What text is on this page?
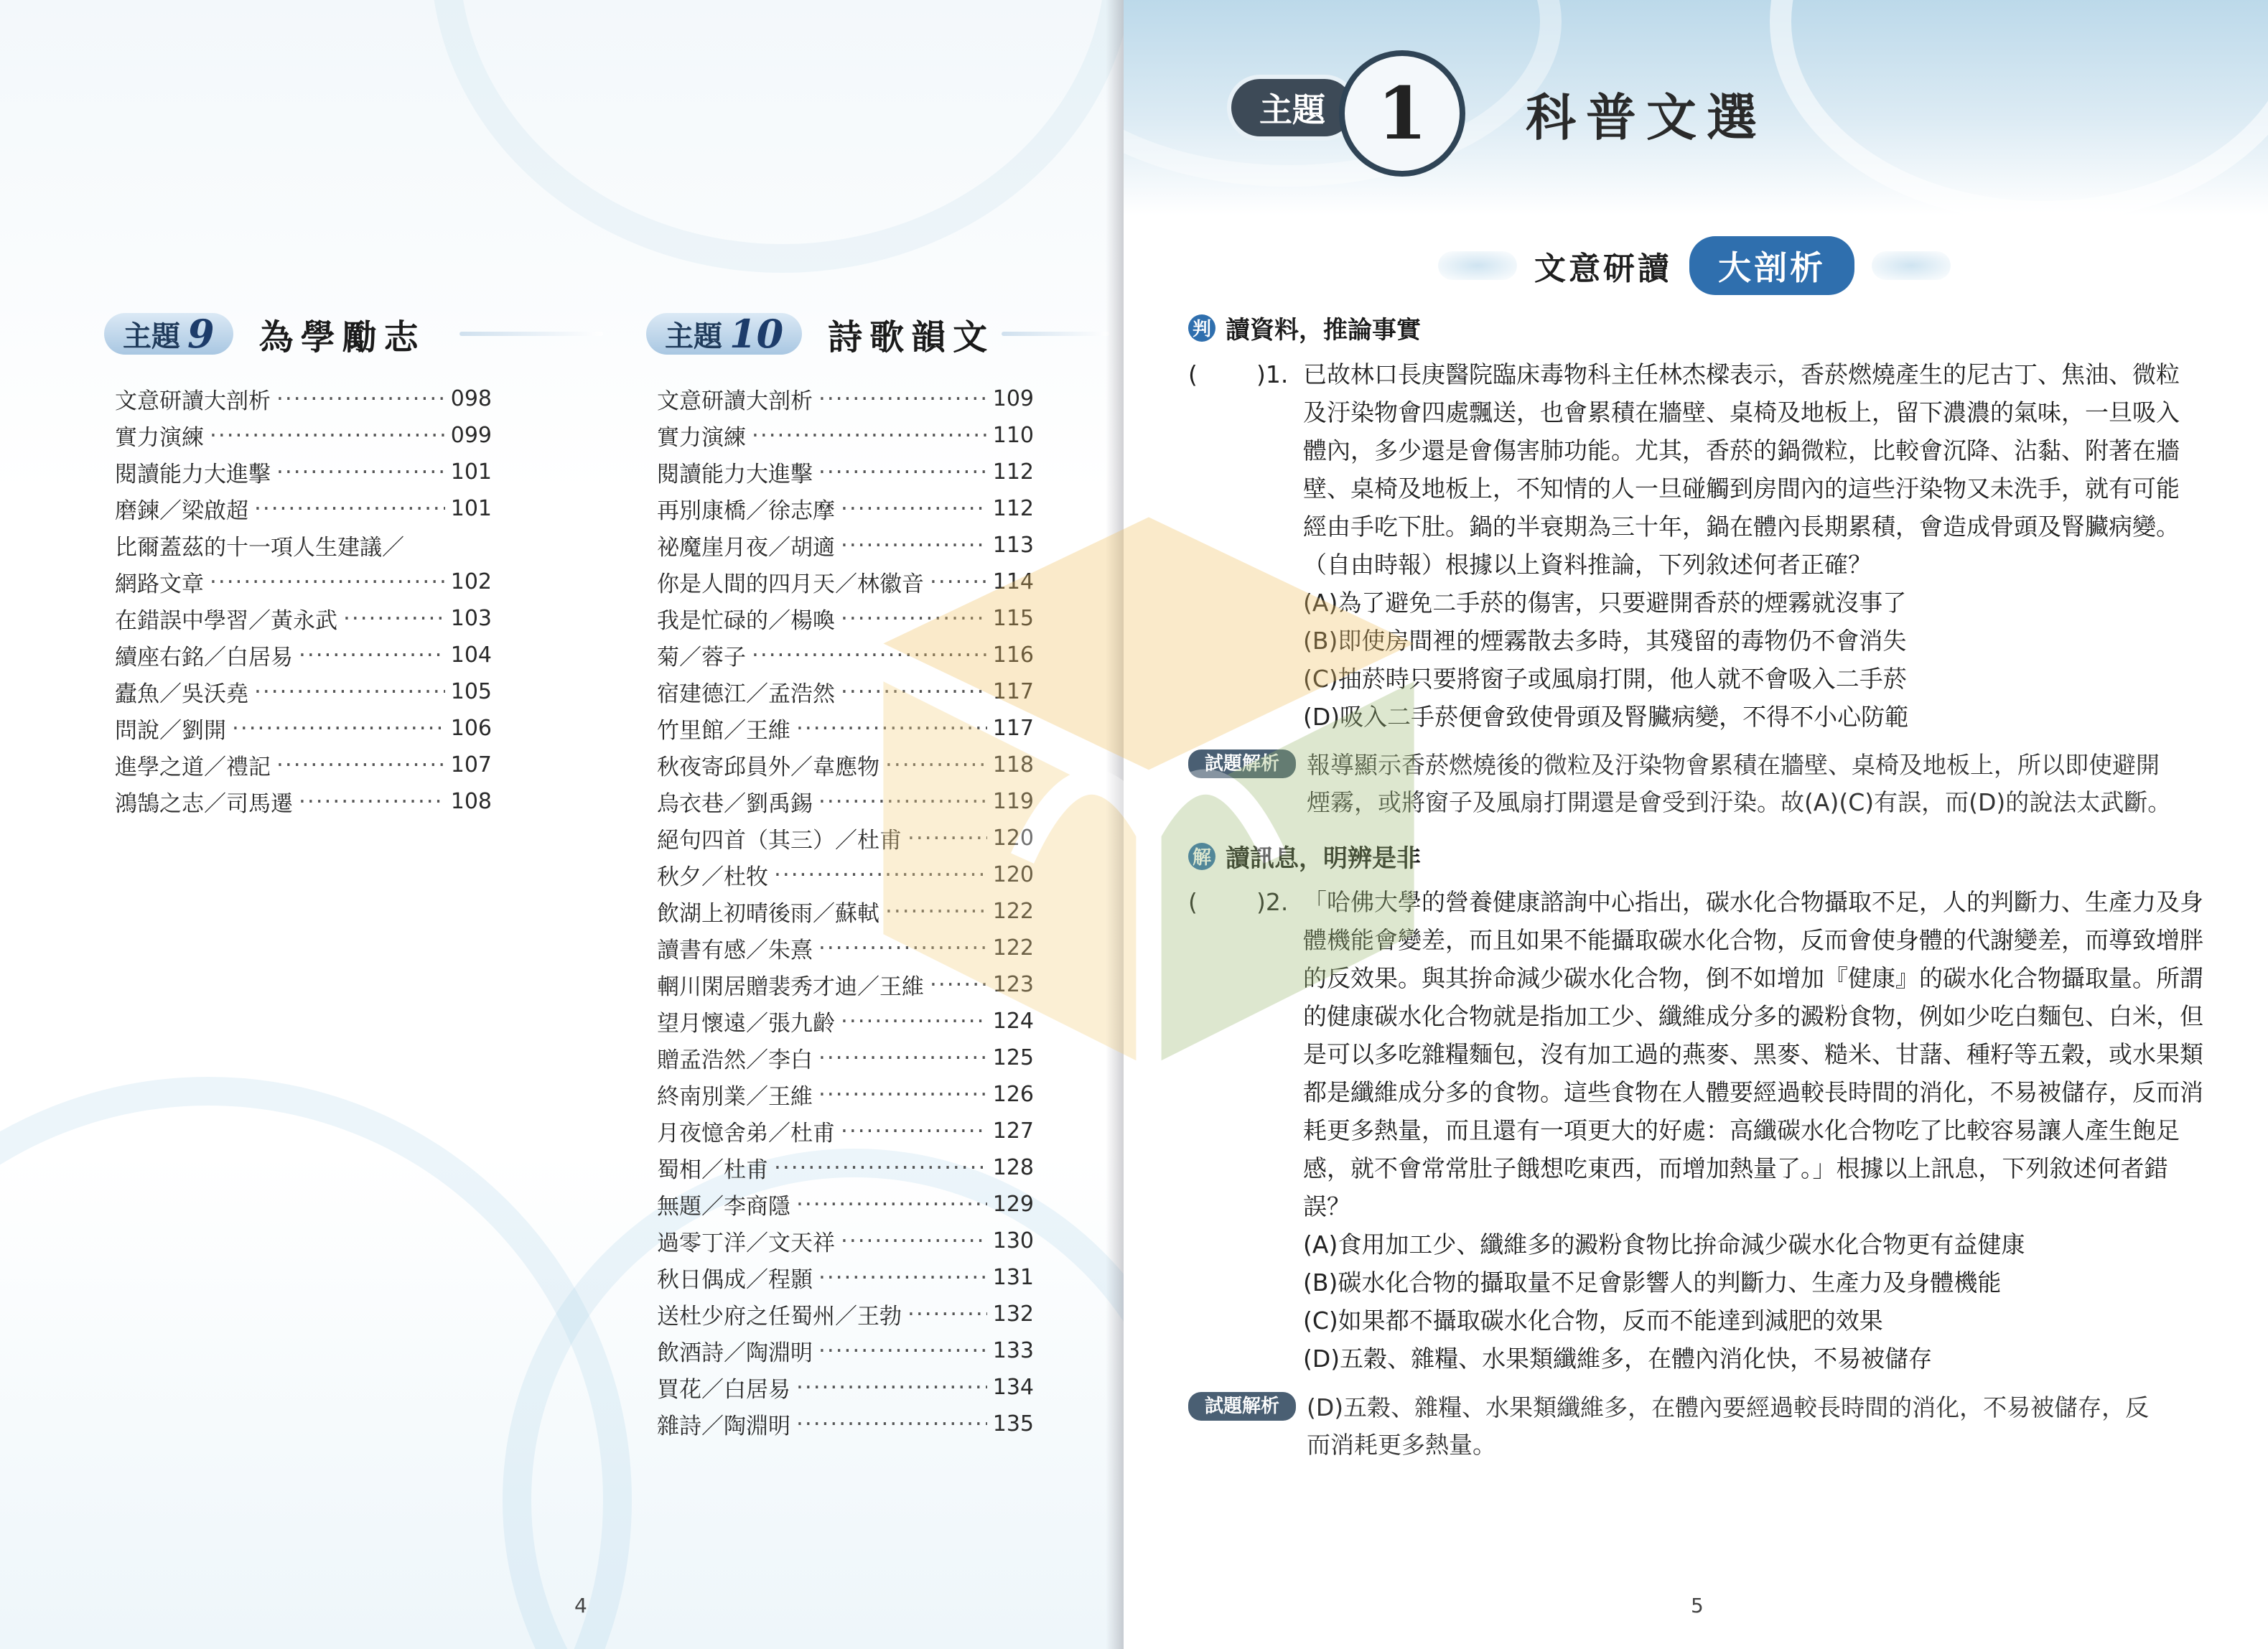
主題 9 為學勵志
文意研讀大剖析 ·····	098
實力演練 ·····	099
閱讀能力大進擊 ·····	101
磨鍊／梁啟超 ·····	101
比爾蓋茲的十一項人生建議／
網路文章 ·····	102
在錯誤中學習／黃永武 ·····	103
續座右銘／白居易 ·····	104
蠹魚／吳沃堯 ·····	105
問說／劉開 ·····	106
進學之道／禮記 ·····	107
鴻鵠之志／司馬遷 ·····	108
主題 10 詩歌韻文
文意研讀大剖析 ·····	109
實力演練 ·····	110
閱讀能力大進擊 ·····	112
再別康橋／徐志摩 ·····	112
祕魔崖月夜／胡適 ·····	113
你是人間的四月天／林徽音 ·····	114
我是忙碌的／楊喚 ·····	115
菊／蓉子 ·····	116
宿建德江／孟浩然 ·····	117
竹里館／王維 ·····	117
秋夜寄邱員外／韋應物 ·····	118
烏衣巷／劉禹錫 ·····	119
絕句四首（其三）／杜甫 ·····	120
秋夕／杜牧 ·····	120
飲湖上初晴後雨／蘇軾 ·····	122
讀書有感／朱熹 ·····	122
輞川閑居贈裴秀才迪／王維 ·····	123
望月懷遠／張九齡 ·····	124
贈孟浩然／李白 ·····	125
終南別業／王維 ·····	126
月夜憶舍弟／杜甫 ·····	127
蜀相／杜甫 ·····	128
無題／李商隱 ·····	129
過零丁洋／文天祥 ·····	130
秋日偶成／程顥 ·····	131
送杜少府之任蜀州／王勃 ·····	132
飲酒詩／陶淵明 ·····	133
買花／白居易 ·····	134
雜詩／陶淵明 ·····	135
4	5
主題 1	科普文選
文意研讀	大剖析
判 讀資料，推論事實
( )1. 已故林口長庚醫院臨床毒物科主任林杰樑表示，香菸燃燒產生的尼古丁、焦油、微粒
及汙染物會四處飄送，也會累積在牆壁、桌椅及地板上，留下濃濃的氣味，一旦吸入
體內，多少還是會傷害肺功能。尤其，香菸的鍋微粒，比較會沉降、沾黏、附著在牆
壁、桌椅及地板上，不知情的人一旦碰觸到房間內的這些汙染物又未洗手，就有可能
經由手吃下肚。鍋的半衰期為三十年，鍋在體內長期累積，會造成骨頭及腎臟病變。
（自由時報）根據以上資料推論，下列敘述何者正確？
(A)為了避免二手菸的傷害，只要避開香菸的煙霧就沒事了
(B)即使房間裡的煙霧散去多時，其殘留的毒物仍不會消失
(C)抽菸時只要將窗子或風扇打開，他人就不會吸入二手菸
(D)吸入二手菸便會致使骨頭及腎臟病變，不得不小心防範
試題解析	報導顯示香菸燃燒後的微粒及汙染物會累積在牆壁、桌椅及地板上，所以即使避開
煙霧，或將窗子及風扇打開還是會受到汙染。故(A)(C)有誤，而(D)的說法太武斷。
解 讀訊息，明辨是非
( )2. 「哈佛大學的營養健康諮詢中心指出，碳水化合物攝取不足，人的判斷力、生產力及身
體機能會變差，而且如果不能攝取碳水化合物，反而會使身體的代謝變差，而導致增胖
的反效果。與其拚命減少碳水化合物，倒不如增加『健康』的碳水化合物攝取量。所謂
的健康碳水化合物就是指加工少、纖維成分多的澱粉食物，例如少吃白麵包、白米，但
是可以多吃雜糧麵包，沒有加工過的燕麥、黑麥、糙米、甘藷、種籽等五穀，或水果類
都是纖維成分多的食物。這些食物在人體要經過較長時間的消化，不易被儲存，反而消
耗更多熱量，而且還有一項更大的好處：高纖碳水化合物吃了比較容易讓人產生飽足
感，就不會常常肚子餓想吃東西，而增加熱量了。」根據以上訊息，下列敘述何者錯
誤？
(A)食用加工少、纖維多的澱粉食物比拚命減少碳水化合物更有益健康
(B)碳水化合物的攝取量不足會影響人的判斷力、生產力及身體機能
(C)如果都不攝取碳水化合物，反而不能達到減肥的效果
(D)五穀、雜糧、水果類纖維多，在體內消化快，不易被儲存
試題解析	(D)五穀、雜糧、水果類纖維多，在體內要經過較長時間的消化，不易被儲存，反
而消耗更多熱量。
